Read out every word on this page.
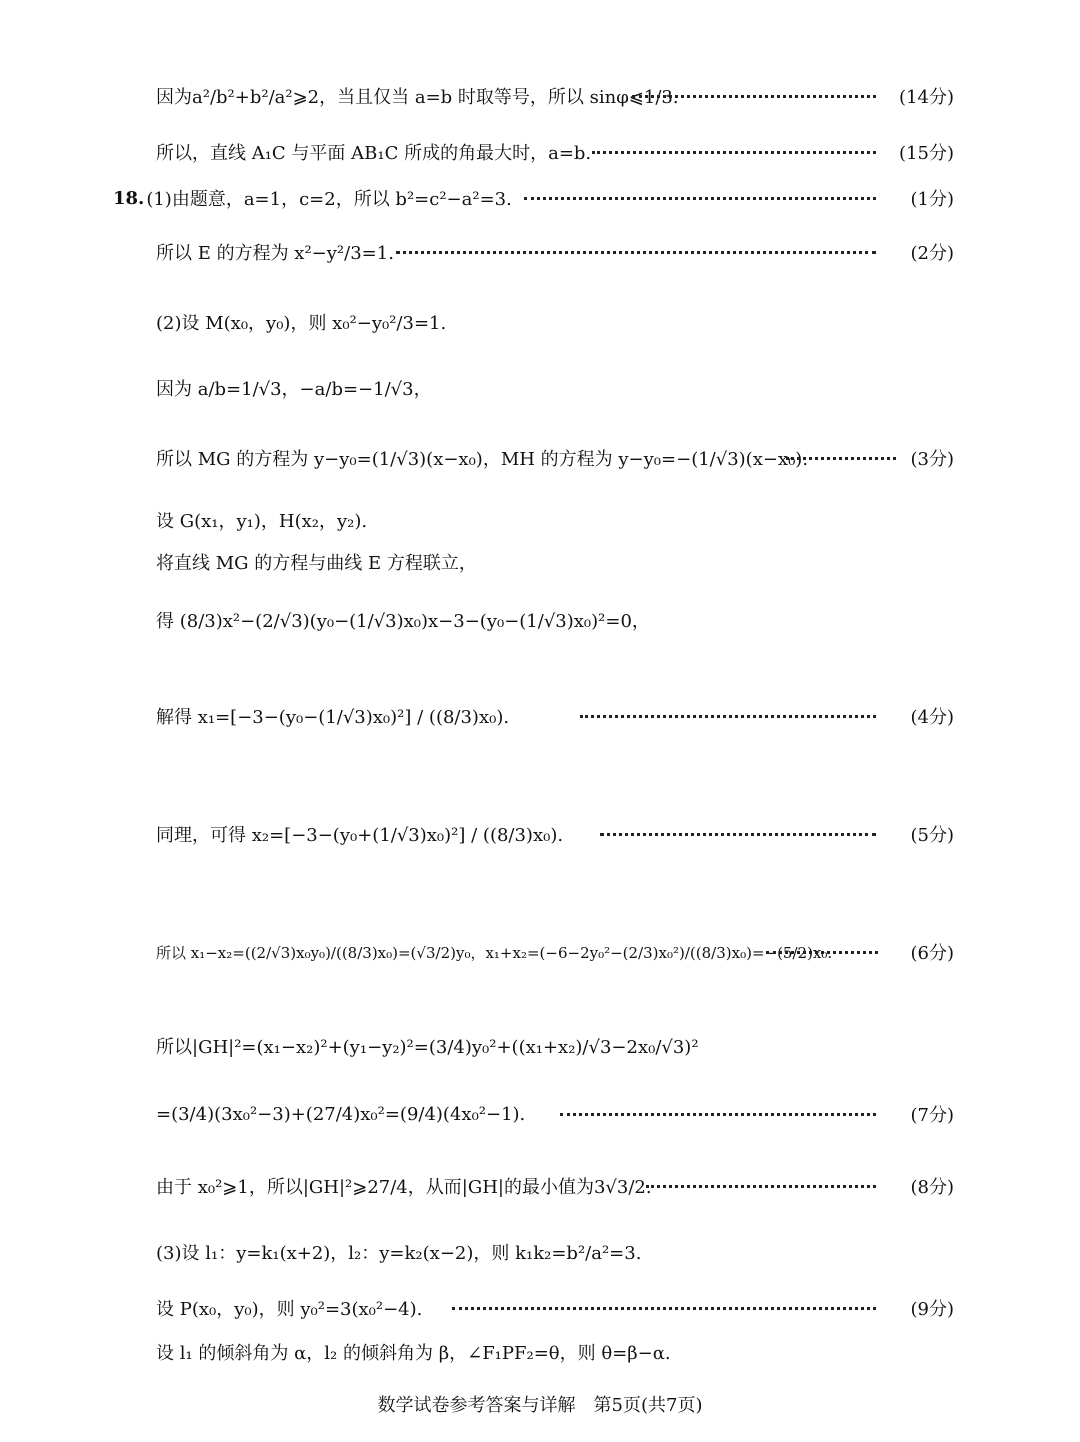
因为a²/b²+b²/a²⩾2，当且仅当 a=b 时取等号，所以 sinφ⩽1/3.	(14分)
所以，直线 A₁C 与平面 AB₁C 所成的角最大时，a=b.	(15分)
18. (1)由题意，a=1，c=2，所以 b²=c²−a²=3.	(1分)
所以 E 的方程为 x²−y²/3=1.	(2分)
(2)设 M(x₀，y₀)，则 x₀²−y₀²/3=1.
因为 a/b=1/√3，−a/b=−1/√3，
所以 MG 的方程为 y−y₀=(1/√3)(x−x₀)，MH 的方程为 y−y₀=−(1/√3)(x−x₀).	(3分)
设 G(x₁，y₁)，H(x₂，y₂).
将直线 MG 的方程与曲线 E 方程联立，
得 (8/3)x²−(2/√3)(y₀−(1/√3)x₀)x−3−(y₀−(1/√3)x₀)²=0，
解得 x₁=[−3−(y₀−(1/√3)x₀)²] / ((8/3)x₀).	(4分)
同理，可得 x₂=[−3−(y₀+(1/√3)x₀)²] / ((8/3)x₀).	(5分)
所以 x₁−x₂=((2/√3)x₀y₀)/((8/3)x₀)=(√3/2)y₀，x₁+x₂=(−6−2y₀²−(2/3)x₀²)/((8/3)x₀)=−(5/2)x₀.	(6分)
所以|GH|²=(x₁−x₂)²+(y₁−y₂)²=(3/4)y₀²+((x₁+x₂)/√3−2x₀/√3)²
=(3/4)(3x₀²−3)+(27/4)x₀²=(9/4)(4x₀²−1).	(7分)
由于 x₀²⩾1，所以|GH|²⩾27/4，从而|GH|的最小值为3√3/2.	(8分)
(3)设 l₁：y=k₁(x+2)，l₂：y=k₂(x−2)，则 k₁k₂=b²/a²=3.
设 P(x₀，y₀)，则 y₀²=3(x₀²−4).	(9分)
设 l₁ 的倾斜角为 α，l₂ 的倾斜角为 β，∠F₁PF₂=θ，则 θ=β−α.
数学试卷参考答案与详解　第5页(共7页)
